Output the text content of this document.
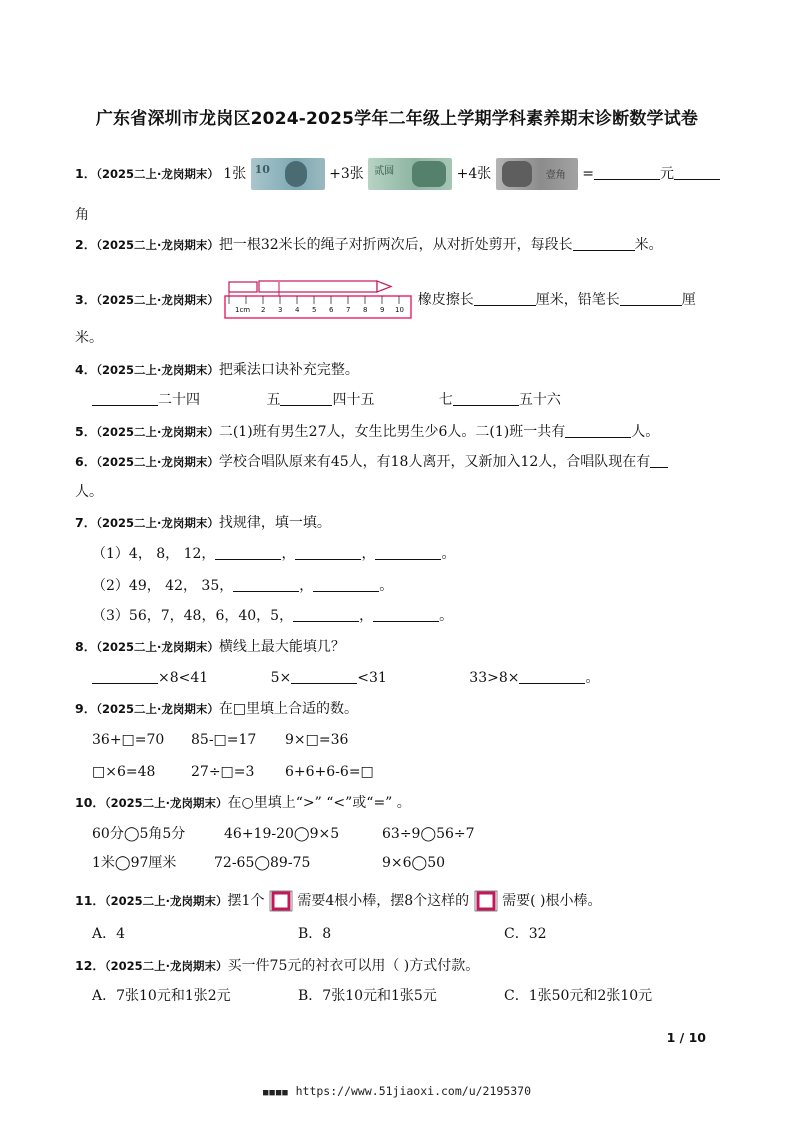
广东省深圳市龙岗区2024-2025学年二年级上学期学科素养期末诊断数学试卷
1．（2025二上·龙岗期末） 1张 10	+3张 贰圆	+4张	壹角 =	元
角
2．（2025二上·龙岗期末）把一根32米长的绳子对折两次后，从对折处剪开，每段长	米。
3．（2025二上·龙岗期末）
1cm 2 3 4 5 6 7 8 9 10
橡皮擦长	厘米，铅笔长	厘
米。
4．（2025二上·龙岗期末）把乘法口诀补充完整。
二十四	五	四十五	七	五十六
5．（2025二上·龙岗期末）二(1)班有男生27人，女生比男生少6人。二(1)班一共有	人。
6．（2025二上·龙岗期末）学校合唱队原来有45人，有18人离开，又新加入12人，合唱队现在有
人。
7．（2025二上·龙岗期末）找规律，填一填。
（1）4， 8， 12，	，	，	。
（2）49， 42， 35，	，	。
（3）56，7，48，6，40，5，	，	。
8．（2025二上·龙岗期末）横线上最大能填几？
×8<41	5×	<31	33>8×	。
9．（2025二上·龙岗期末）在□里填上合适的数。
36+□=70 85-□=17 9×□=36
□×6=48	27÷□=3 6+6+6-6=□
10．（2025二上·龙岗期末）在○里填上“>” “<”或“=” 。
60分◯5角5分	46+19-20◯9×5	63÷9◯56÷7
1米◯97厘米	72-65◯89-75	9×6◯50
11．（2025二上·龙岗期末）摆1个 需要4根小棒，摆8个这样的 需要( )根小棒。
A．4	B．8	C．32
12．（2025二上·龙岗期末）买一件75元的衬衣可以用（ )方式付款。
A．7张10元和1张2元	B．7张10元和1张5元	C．1张50元和2张10元
1 / 10
■■■■ https://www.51jiaoxi.com/u/2195370
